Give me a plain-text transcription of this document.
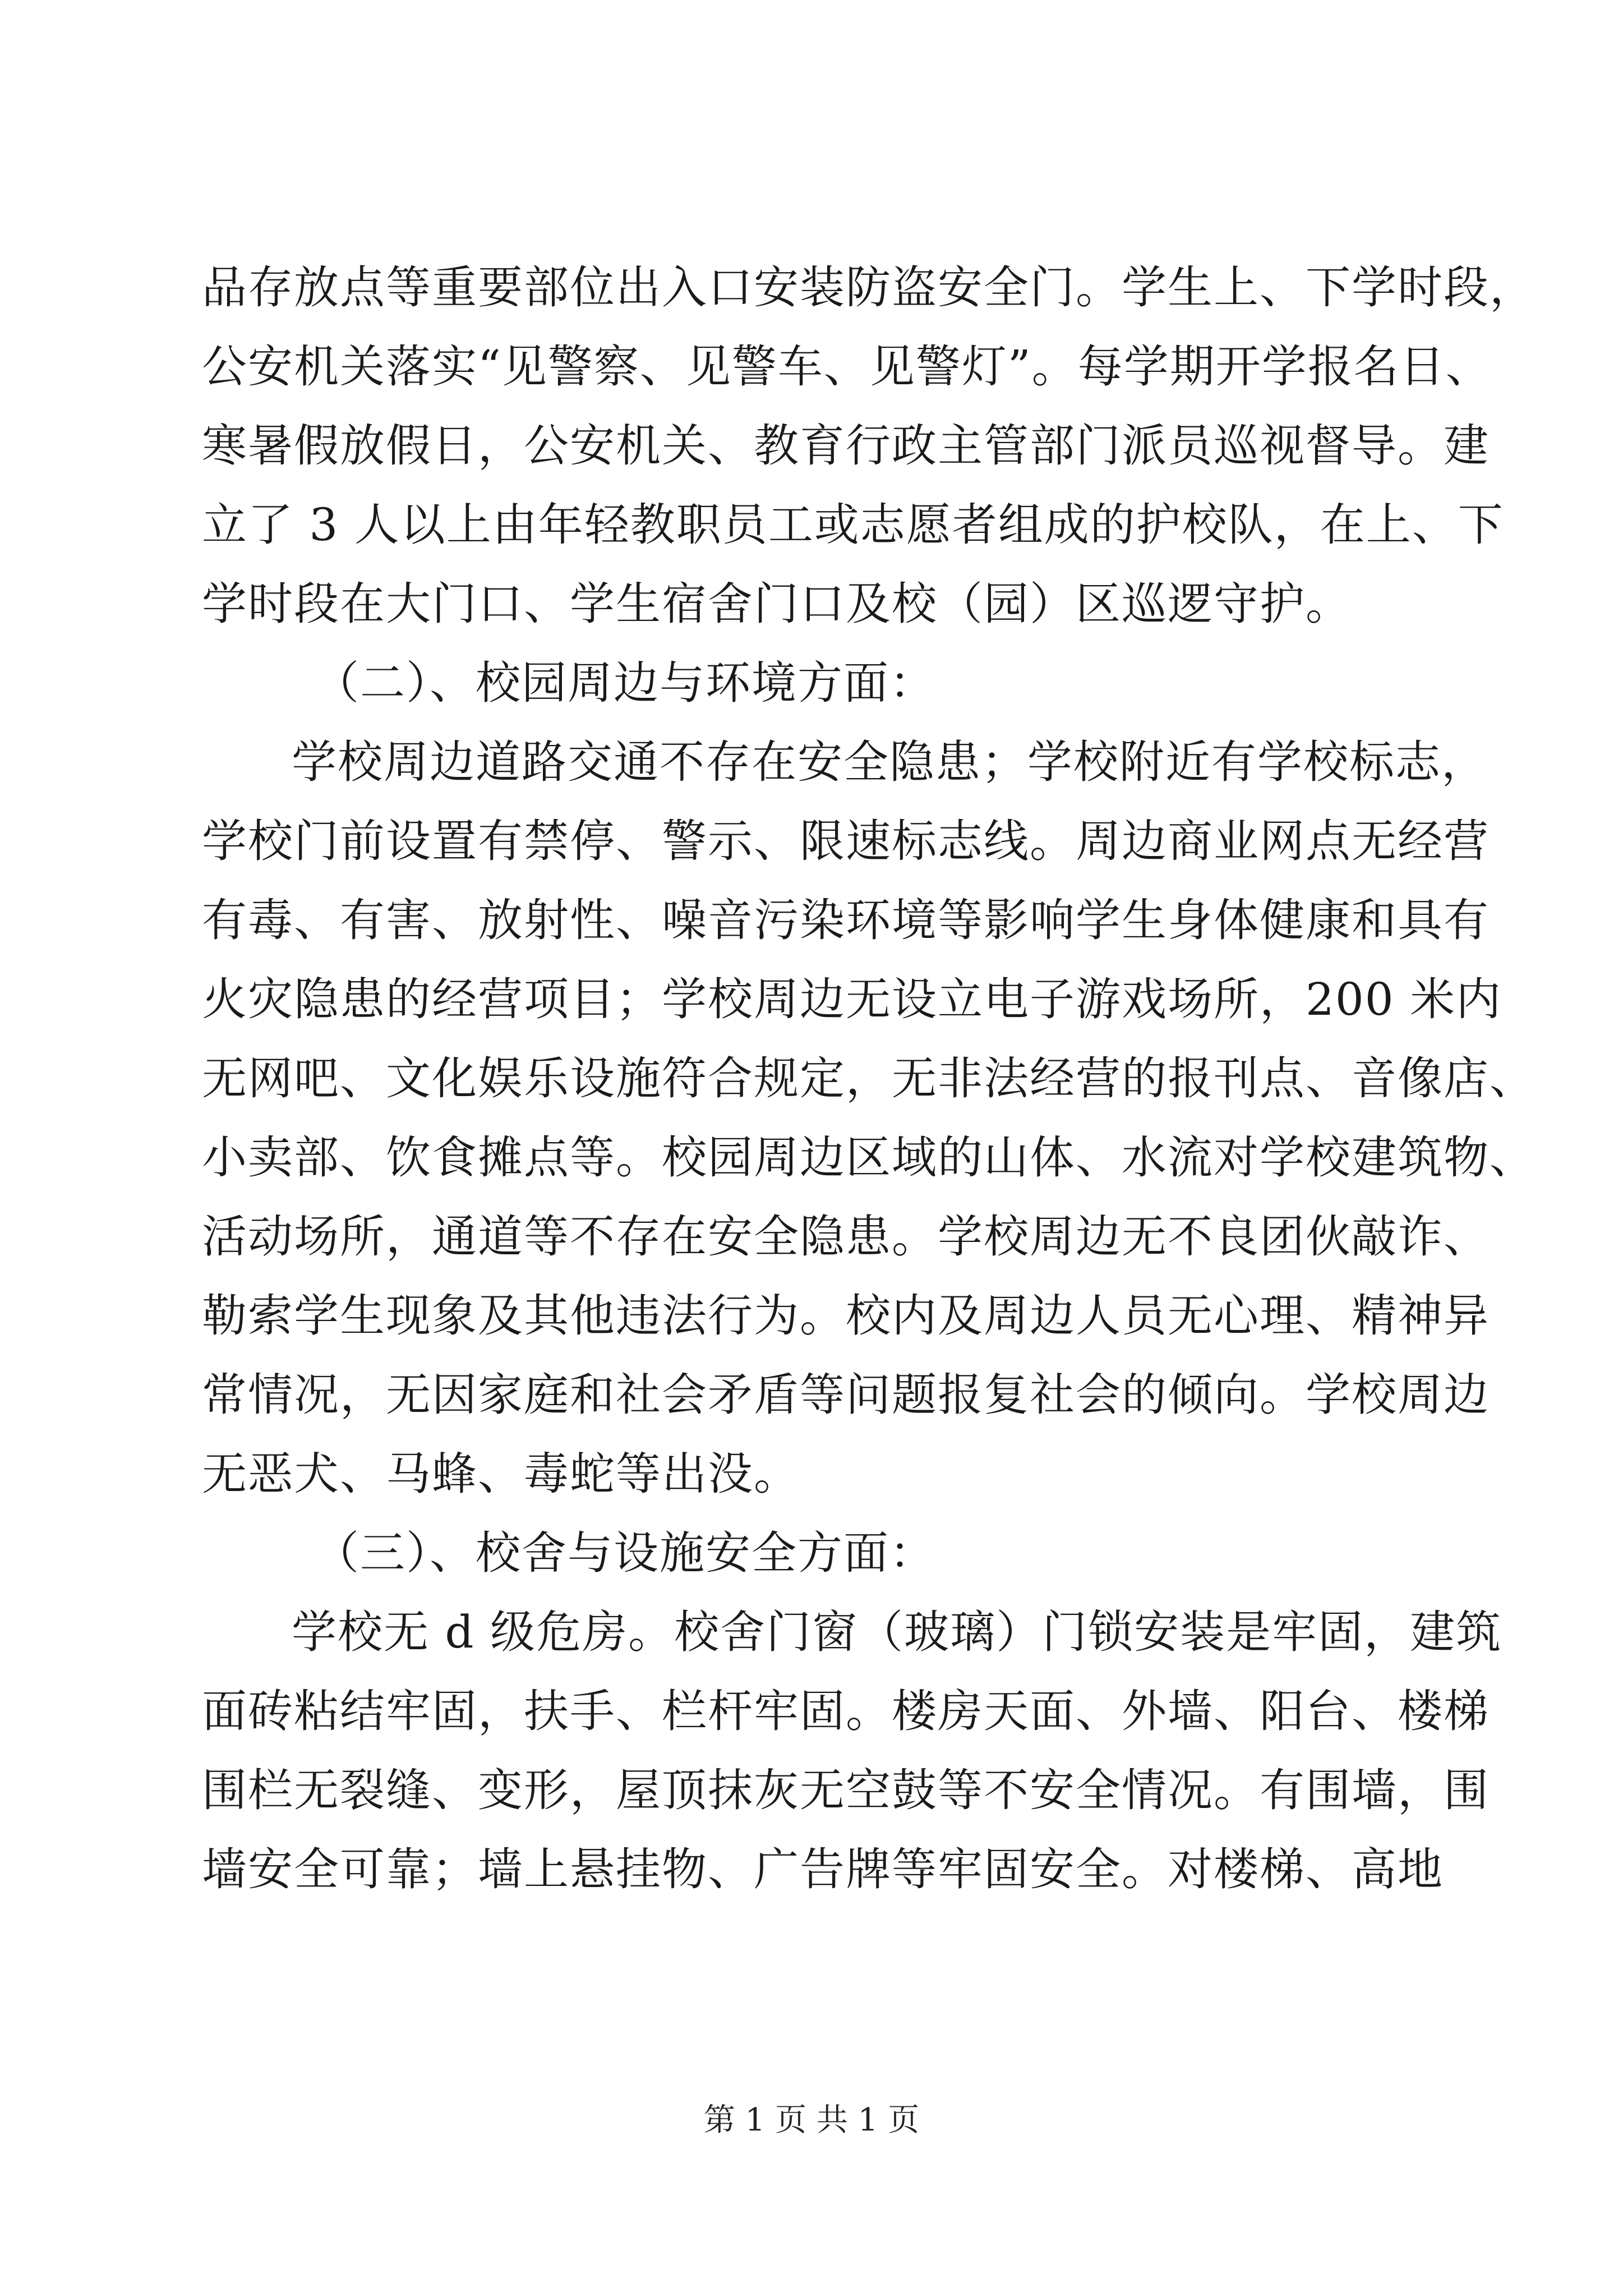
品存放点等重要部位出入口安装防盗安全门。学生上、下学时段，
公安机关落实“见警察、见警车、见警灯”。每学期开学报名日、
寒暑假放假日，公安机关、教育行政主管部门派员巡视督导。建
立了 3 人以上由年轻教职员工或志愿者组成的护校队，在上、下
学时段在大门口、学生宿舍门口及校（园）区巡逻守护。
（二）、校园周边与环境方面：
学校周边道路交通不存在安全隐患；学校附近有学校标志，
学校门前设置有禁停、警示、限速标志线。周边商业网点无经营
有毒、有害、放射性、噪音污染环境等影响学生身体健康和具有
火灾隐患的经营项目；学校周边无设立电子游戏场所，200 米内
无网吧、文化娱乐设施符合规定，无非法经营的报刊点、音像店、
小卖部、饮食摊点等。校园周边区域的山体、水流对学校建筑物、
活动场所，通道等不存在安全隐患。学校周边无不良团伙敲诈、
勒索学生现象及其他违法行为。校内及周边人员无心理、精神异
常情况，无因家庭和社会矛盾等问题报复社会的倾向。学校周边
无恶犬、马蜂、毒蛇等出没。
（三）、校舍与设施安全方面：
学校无 d 级危房。校舍门窗（玻璃）门锁安装是牢固，建筑
面砖粘结牢固，扶手、栏杆牢固。楼房天面、外墙、阳台、楼梯
围栏无裂缝、变形，屋顶抹灰无空鼓等不安全情况。有围墙，围
墙安全可靠；墙上悬挂物、广告牌等牢固安全。对楼梯、高地
第 1 页 共 1 页
